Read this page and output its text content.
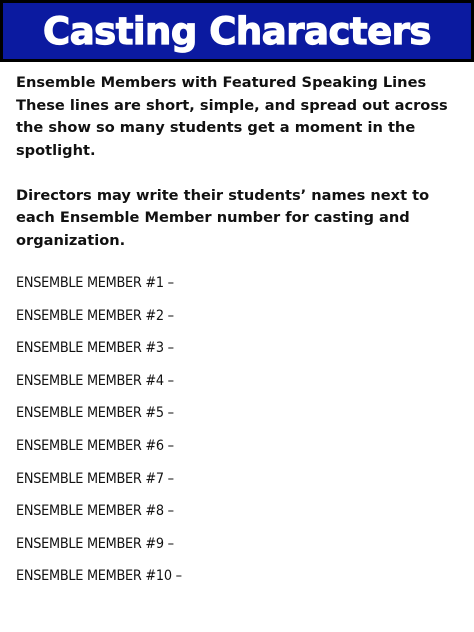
Casting Characters

Ensemble Members with Featured Speaking Lines

These lines are short, simple, and spread out across the show so many students get a moment in the spotlight.

Directors may write their students’ names next to each Ensemble Member number for casting and organization.

ENSEMBLE MEMBER #1 –
ENSEMBLE MEMBER #2 –
ENSEMBLE MEMBER #3 –
ENSEMBLE MEMBER #4 –
ENSEMBLE MEMBER #5 –
ENSEMBLE MEMBER #6 –
ENSEMBLE MEMBER #7 –
ENSEMBLE MEMBER #8 –
ENSEMBLE MEMBER #9 –
ENSEMBLE MEMBER #10 –
